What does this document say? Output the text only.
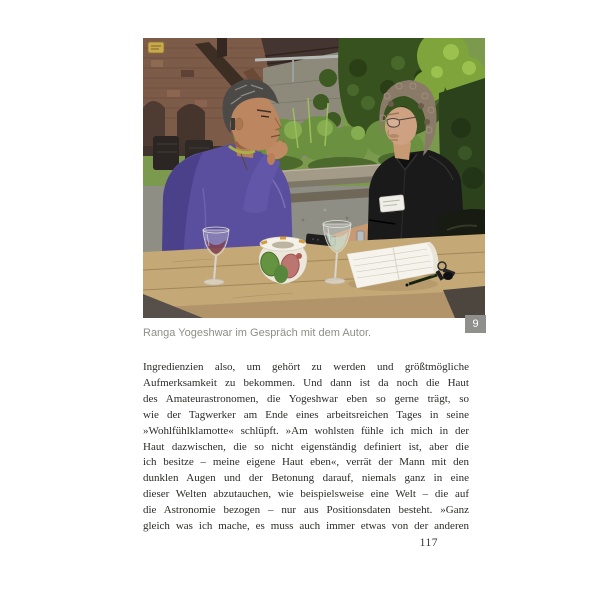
9
Ranga Yogeshwar im Gespräch mit dem Autor.
Ingredienzien also, um gehört zu werden und größtmögliche
Aufmerksamkeit zu bekommen. Und dann ist da noch die Haut
des Amateurastronomen, die Yogeshwar eben so gerne trägt, so
wie der Tagwerker am Ende eines arbeitsreichen Tages in seine
»Wohlfühlklamotte« schlüpft. »Am wohlsten fühle ich mich in der
Haut dazwischen, die so nicht eigenständig definiert ist, aber die
ich besitze – meine eigene Haut eben«, verrät der Mann mit den
dunklen Augen und der Betonung darauf, niemals ganz in eine
dieser Welten abzutauchen, wie beispielsweise eine Welt – die auf
die Astronomie bezogen – nur aus Positionsdaten besteht. »Ganz
gleich was ich mache, es muss auch immer etwas von der anderen
117
